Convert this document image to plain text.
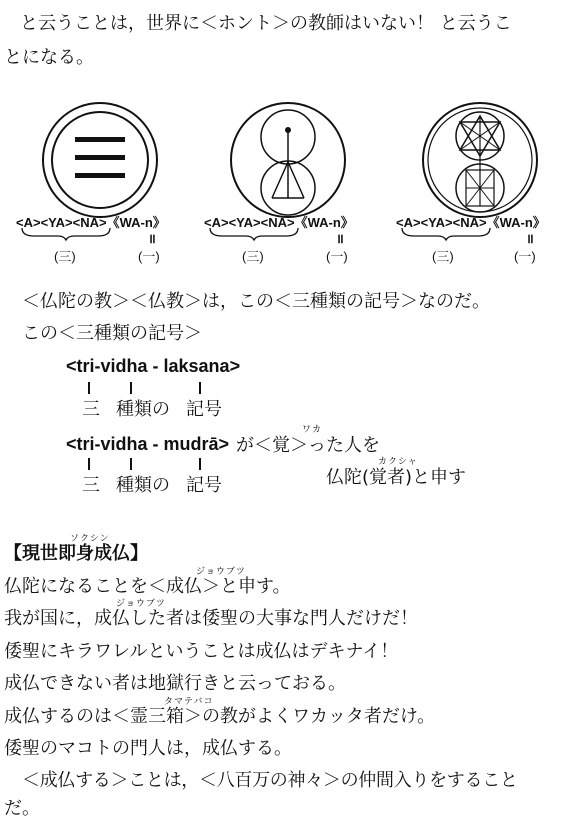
と云うことは，世界に＜ホント＞の教師はいない！ と云うこ
とになる。
<A><YA><NA>《WA-n》	<A><YA><NA>《WA-n》	<A><YA><NA>《WA-n》
॥	॥	॥
(三)	(一)	(三)	(一)	(三)	(一)
＜仏陀の教＞＜仏教＞は，この＜三種類の記号＞なのだ。
この＜三種類の記号＞
<tri-vidha - laksana>
三 種類の 記号
ワカ
<tri-vidha - mudrā> が＜覚＞った人を
三 種類の 記号
カクシャ
仏陀(覚者)と申す
ソクシン
【現世即身成仏】
ジョウブツ
仏陀になることを＜成仏＞と申す。
ジョウブツ
我が国に，成仏した者は倭聖の大事な門人だけだ！
倭聖にキラワレルということは成仏はデキナイ！
成仏できない者は地獄行きと云っておる。
タマテバコ
成仏するのは＜霊三箱＞の教がよくワカッタ者だけ。
倭聖のマコトの門人は，成仏する。
＜成仏する＞ことは，＜八百万の神々＞の仲間入りをすること
だ。
